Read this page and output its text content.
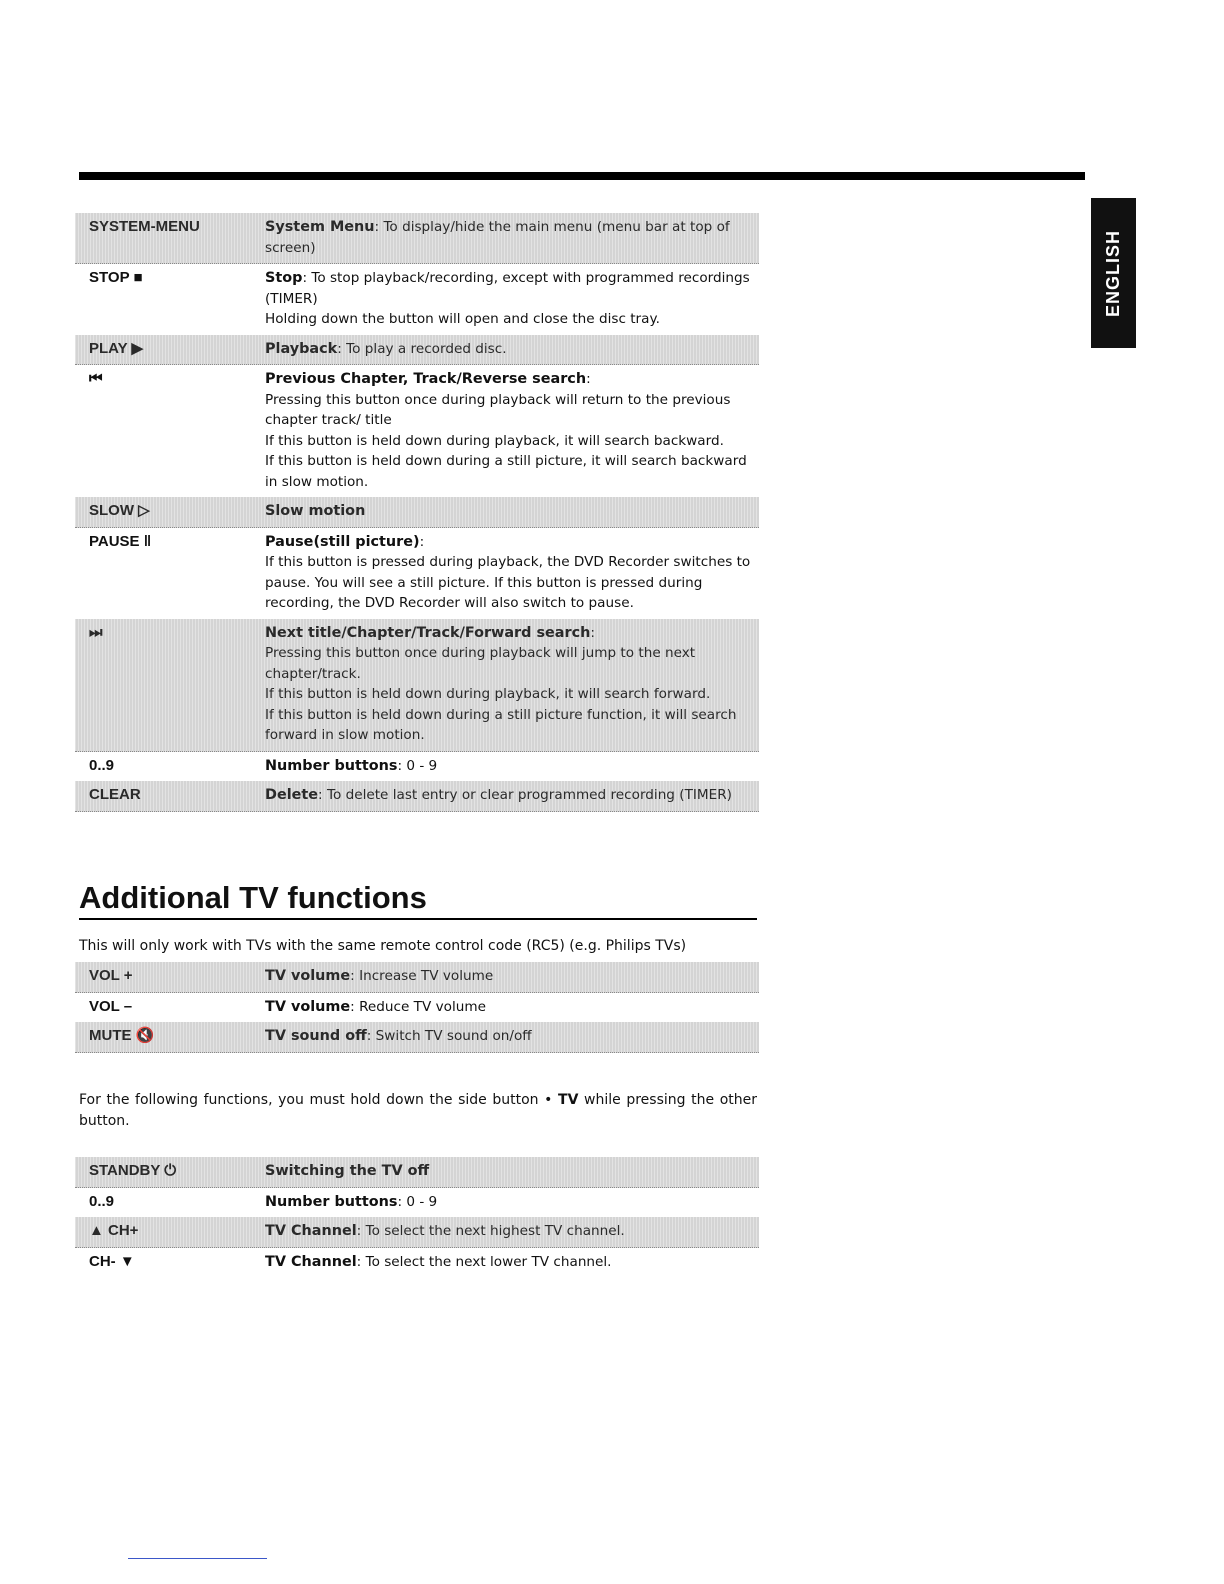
ENGLISH
SYSTEM-MENU	System Menu: To display/hide the main menu (menu bar at top of screen)
STOP ■	Stop: To stop playback/recording, except with programmed recordings (TIMER)
Holding down the button will open and close the disc tray.
PLAY ▶	Playback: To play a recorded disc.
⏮	Previous Chapter, Track/Reverse search:
Pressing this button once during playback will return to the previous chapter track/ title
If this button is held down during playback, it will search backward.
If this button is held down during a still picture, it will search backward in slow motion.
SLOW ▷	Slow motion
PAUSE ‖	Pause(still picture):
If this button is pressed during playback, the DVD Recorder switches to pause. You will see a still picture. If this button is pressed during recording, the DVD Recorder will also switch to pause.
⏭	Next title/Chapter/Track/Forward search:
Pressing this button once during playback will jump to the next chapter/track.
If this button is held down during playback, it will search forward.
If this button is held down during a still picture function, it will search forward in slow motion.
0..9	Number buttons: 0 - 9
CLEAR	Delete: To delete last entry or clear programmed recording (TIMER)
Additional TV functions
This will only work with TVs with the same remote control code (RC5) (e.g. Philips TVs)
VOL +	TV volume: Increase TV volume
VOL –	TV volume: Reduce TV volume
MUTE 🔇	TV sound off: Switch TV sound on/off
For the following functions, you must hold down the side button • TV while pressing the other button.
STANDBY ⏻	Switching the TV off
0..9	Number buttons: 0 - 9
▲ CH+	TV Channel: To select the next highest TV channel.
CH- ▼	TV Channel: To select the next lower TV channel.
